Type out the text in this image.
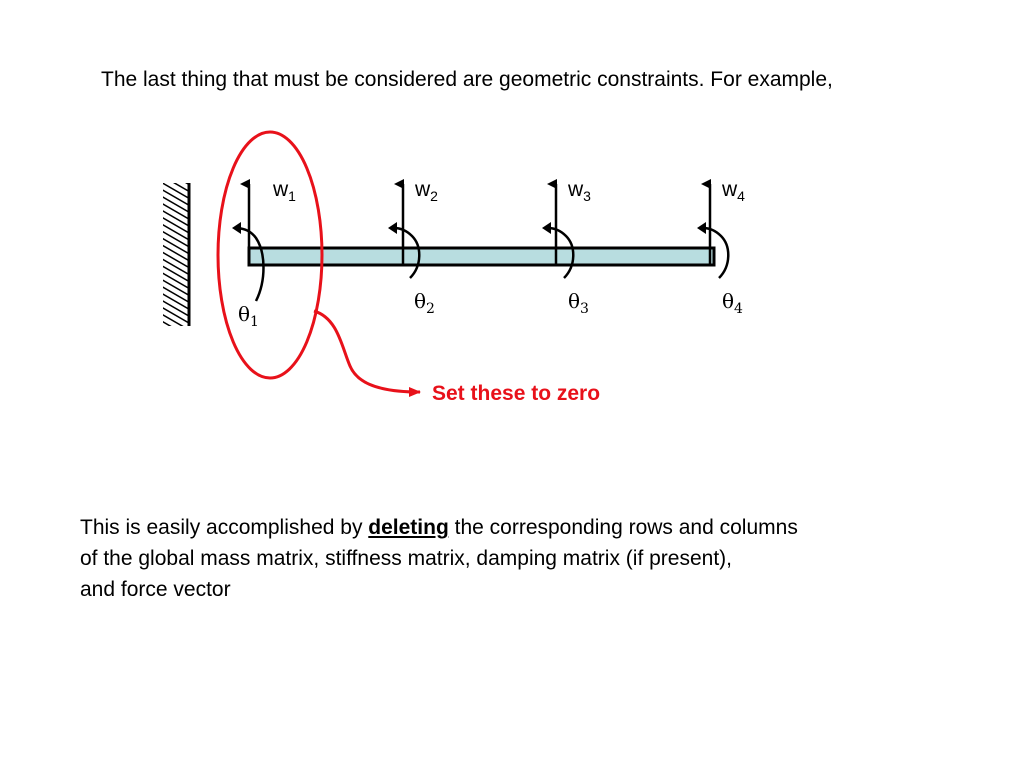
The last thing that must be considered are geometric constraints. For example,

$w_1$
$\theta_1$
$w_2$
$\theta_2$
$w_3$
$\theta_3$
$w_4$
$\theta_4$
Set these to zero

This is easily accomplished by deleting the corresponding rows and columns
of the global mass matrix, stiffness matrix, damping matrix (if present),
and force vector
